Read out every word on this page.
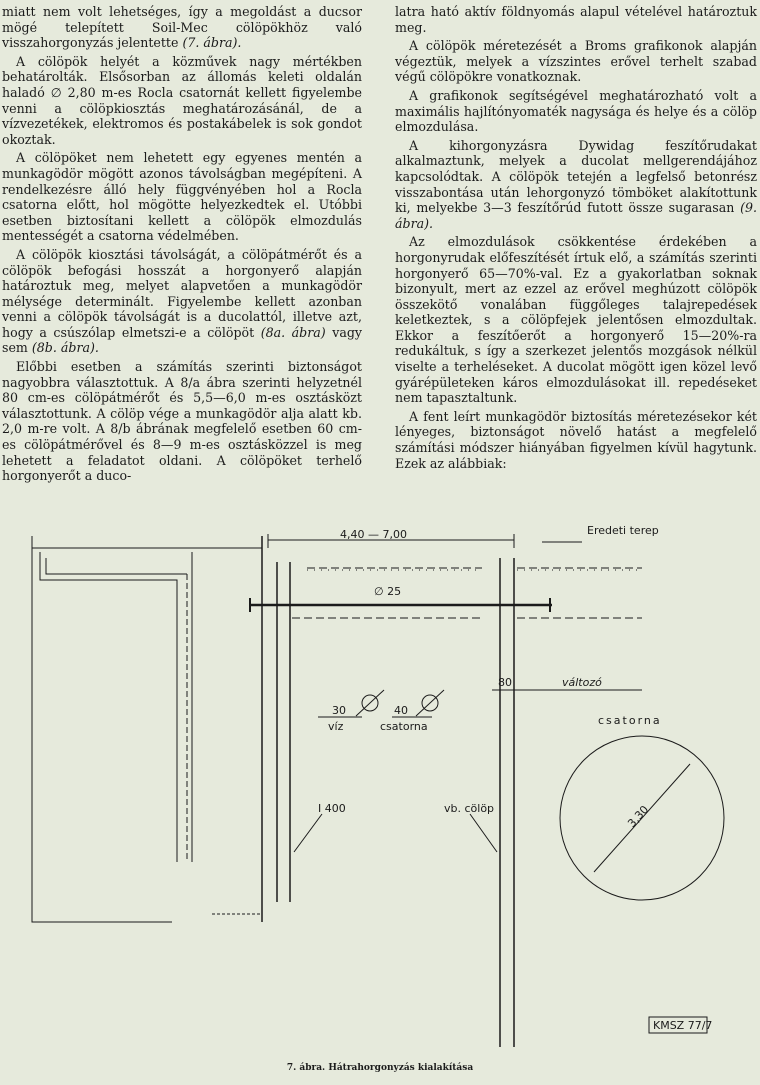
miatt nem volt lehetséges, így a megoldást a ducsor mögé telepített Soil-Mec cölöpökhöz való visszahorgonyzás jelentette (7. ábra).

A cölöpök helyét a közművek nagy mértékben behatárolták. Elsősorban az állomás keleti oldalán haladó ∅ 2,80 m-es Rocla csatornát kellett figyelembe venni a cölöpkiosztás meghatározásánál, de a vízvezetékek, elektromos és postakábelek is sok gondot okoztak.

A cölöpöket nem lehetett egy egyenes mentén a munkagödör mögött azonos távolságban megépíteni. A rendelkezésre álló hely függvényében hol a Rocla csatorna előtt, hol mögötte helyezkedtek el. Utóbbi esetben biztosítani kellett a cölöpök elmozdulás mentességét a csatorna védelmében.

A cölöpök kiosztási távolságát, a cölöpátmérőt és a cölöpök befogási hosszát a horgonyerő alapján határoztuk meg, melyet alapvetően a munkagödör mélysége determinált. Figyelembe kellett azonban venni a cölöpök távolságát is a ducolattól, illetve azt, hogy a csúszólap elmetszi-e a cölöpöt (8a. ábra) vagy sem (8b. ábra).

Előbbi esetben a számítás szerinti biztonságot nagyobbra választottuk. A 8/a ábra szerinti helyzetnél 80 cm-es cölöpátmérőt és 5,5—6,0 m-es osztásközt választottunk. A cölöp vége a munkagödör alja alatt kb. 2,0 m-re volt. A 8/b ábrának megfelelő esetben 60 cm-es cölöpátmérővel és 8—9 m-es osztásközzel is meg lehetett a feladatot oldani. A cölöpöket terhelő horgonyerőt a duco-

latra ható aktív földnyomás alapul vételével határoztuk meg.

A cölöpök méretezését a Broms grafikonok alapján végeztük, melyek a vízszintes erővel terhelt szabad végű cölöpökre vonatkoznak.

A grafikonok segítségével meghatározható volt a maximális hajlítónyomaték nagysága és helye és a cölöp elmozdulása.

A kihorgonyzásra Dywidag feszítőrudakat alkalmaztunk, melyek a ducolat mellgerendájához kapcsolódtak. A cölöpök tetején a legfelső betonrész visszabontása után lehorgonyzó tömböket alakítottunk ki, melyekbe 3—3 feszítőrúd futott össze sugarasan (9. ábra).

Az elmozdulások csökkentése érdekében a horgonyrudak előfeszítését írtuk elő, a számítás szerinti horgonyerő 65—70%-val. Ez a gyakorlatban soknak bizonyult, mert az ezzel az erővel meghúzott cölöpök összekötő vonalában függőleges talajrepedések keletkeztek, s a cölöpfejek jelentősen elmozdultak. Ekkor a feszítőerőt a horgonyerő 15—20%-ra redukáltuk, s így a szerkezet jelentős mozgások nélkül viselte a terheléseket. A ducolat mögött igen közel levő gyárépületeken káros elmozdulásokat ill. repedéseket nem tapasztaltunk.

A fent leírt munkagödör biztosítás méretezésekor két lényeges, biztonságot növelő hatást a megfelelő számítási módszer hiányában figyelmen kívül hagytunk. Ezek az alábbiak:

4,40 — 7,00	Eredeti terep
∅ 25
80	változó
csatorna
30
víz
40
csatorna
I 400	vb. cölöp	3,30
KMSZ 77/7
7. ábra. Hátrahorgonyzás kialakítása
